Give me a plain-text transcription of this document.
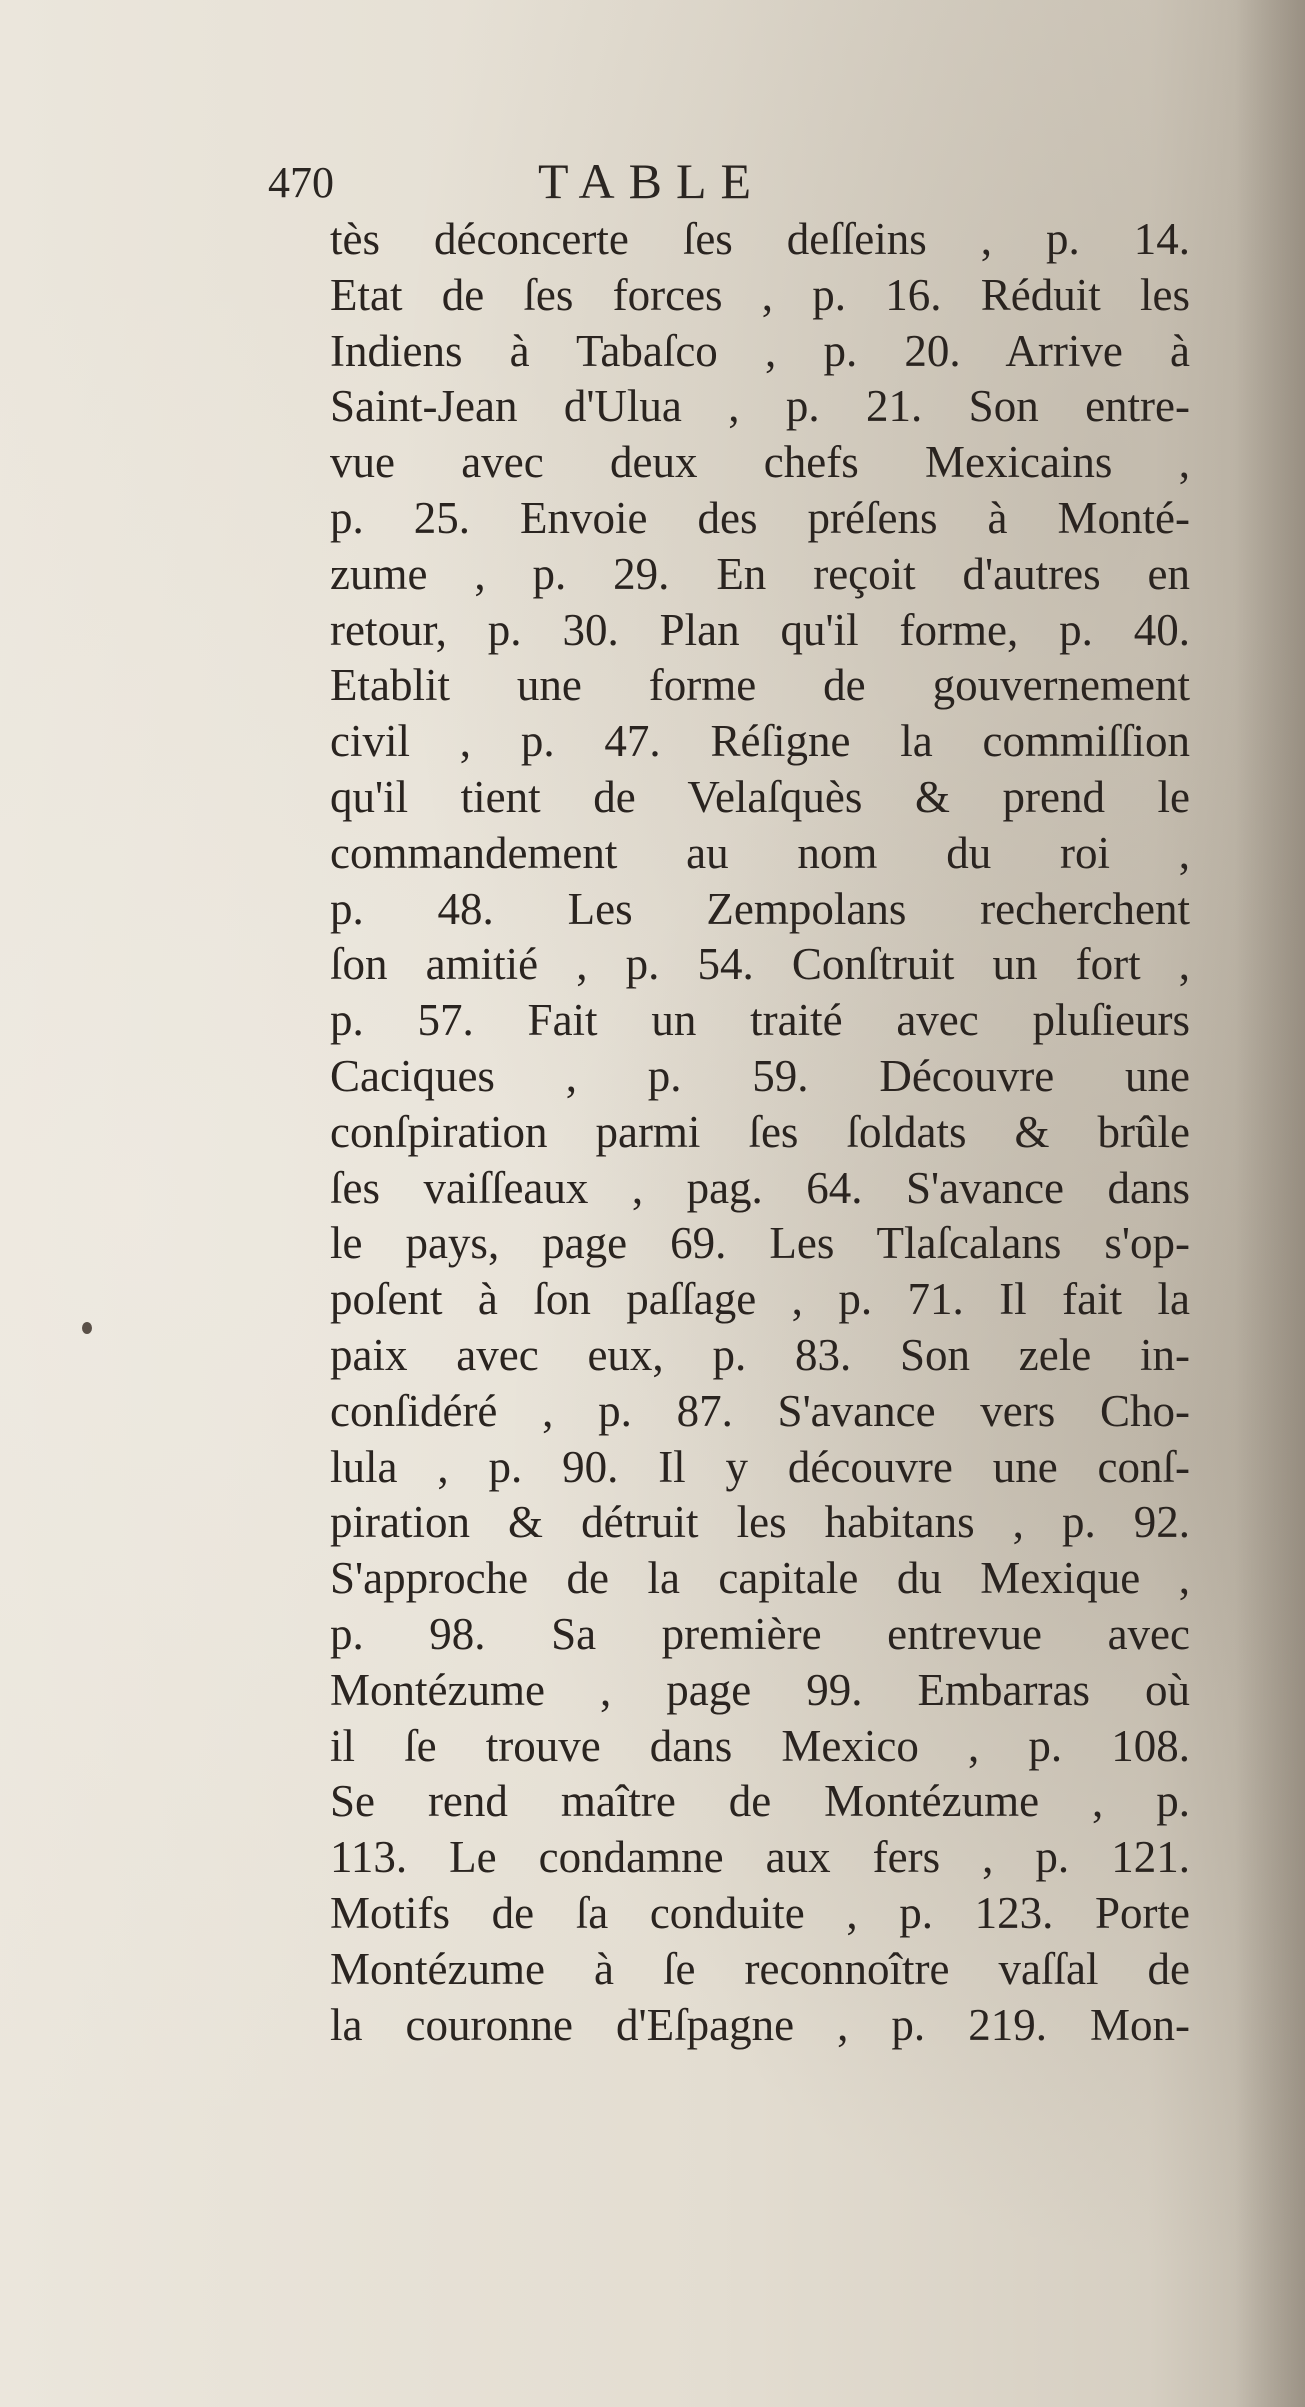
470	TABLE
tès déconcerte ſes deſſeins , p. 14.
Etat de ſes forces , p. 16. Réduit les
Indiens à Tabaſco , p. 20. Arrive à
Saint-Jean d'Ulua , p. 21. Son entre-
vue avec deux chefs Mexicains ,
p. 25. Envoie des préſens à Monté-
zume , p. 29. En reçoit d'autres en
retour, p. 30. Plan qu'il forme, p. 40.
Etablit une forme de gouvernement
civil , p. 47. Réſigne la commiſſion
qu'il tient de Velaſquès & prend le
commandement au nom du roi ,
p. 48. Les Zempolans recherchent
ſon amitié , p. 54. Conſtruit un fort ,
p. 57. Fait un traité avec pluſieurs
Caciques , p. 59. Découvre une
conſpiration parmi ſes ſoldats & brûle
ſes vaiſſeaux , pag. 64. S'avance dans
le pays, page 69. Les Tlaſcalans s'op-
poſent à ſon paſſage , p. 71. Il fait la
paix avec eux, p. 83. Son zele in-
conſidéré , p. 87. S'avance vers Cho-
lula , p. 90. Il y découvre une conſ-
piration & détruit les habitans , p. 92.
S'approche de la capitale du Mexique ,
p. 98. Sa première entrevue avec
Montézume , page 99. Embarras où
il ſe trouve dans Mexico , p. 108.
Se rend maître de Montézume , p.
113. Le condamne aux fers , p. 121.
Motifs de ſa conduite , p. 123. Porte
Montézume à ſe reconnoître vaſſal de
la couronne d'Eſpagne , p. 219. Mon-
